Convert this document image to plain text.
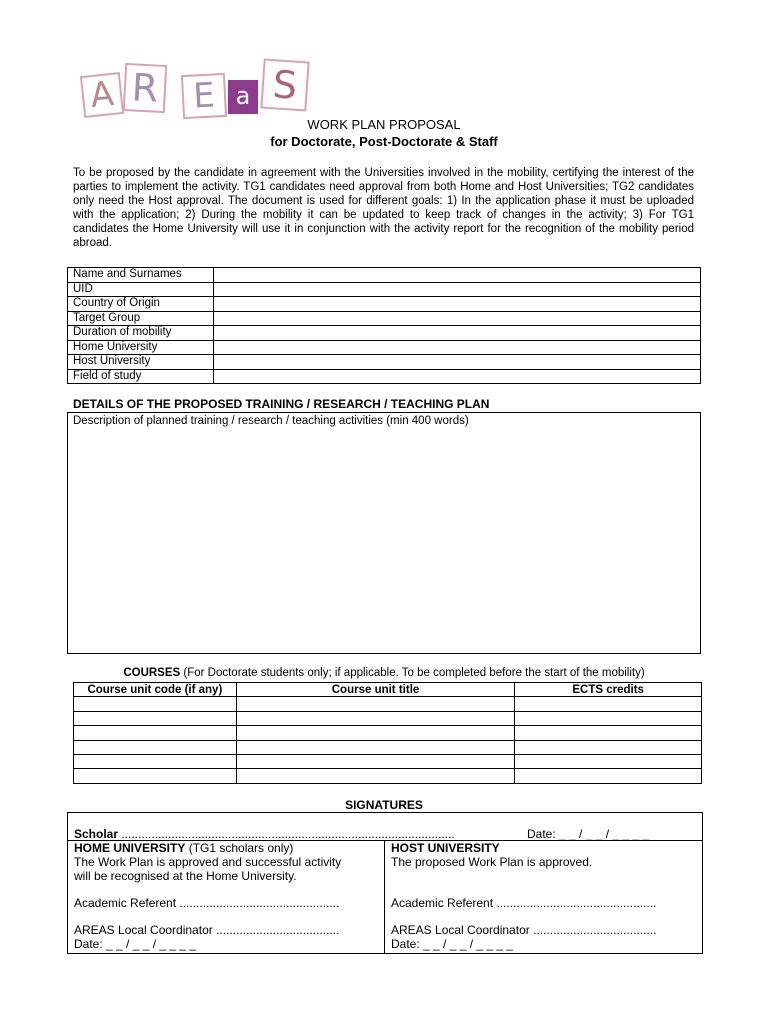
A R E a S
WORK PLAN PROPOSAL
for Doctorate, Post-Doctorate & Staff

To be proposed by the candidate in agreement with the Universities involved in the mobility, certifying the interest of the parties to implement the activity. TG1 candidates need approval from both Home and Host Universities; TG2 candidates only need the Host approval. The document is used for different goals: 1) In the application phase it must be uploaded with the application; 2) During the mobility it can be updated to keep track of changes in the activity; 3) For TG1 candidates the Home University will use it in conjunction with the activity report for the recognition of the mobility period abroad.

Name and Surnames	
UID	
Country of Origin	
Target Group	
Duration of mobility	
Home University	
Host University	
Field of study	
DETAILS OF THE PROPOSED TRAINING / RESEARCH / TEACHING PLAN
Description of planned training / research / teaching activities (min 400 words)
COURSES (For Doctorate students only; if applicable. To be completed before the start of the mobility)
Course unit code (if any)	Course unit title	ECTS credits

SIGNATURES
Scholar ....................................................................................................	Date: _ _ / _ _ / _ _ _ _

HOME UNIVERSITY (TG1 scholars only)

The Work Plan is approved and successful activity

will be recognised at the Home University.

Academic Referent ................................................

AREAS Local Coordinator .....................................

Date: _ _ / _ _ / _ _ _ _

HOST UNIVERSITY

The proposed Work Plan is approved.

Academic Referent ................................................

AREAS Local Coordinator .....................................

Date: _ _ / _ _ / _ _ _ _
